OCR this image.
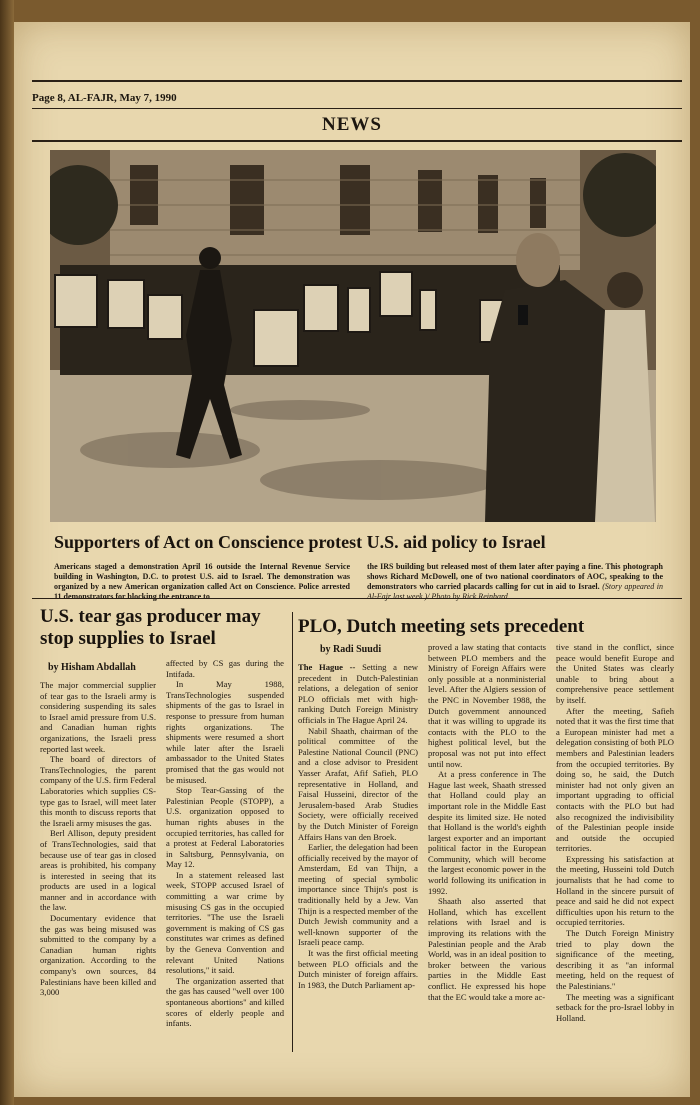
Page 8, AL-FAJR, May 7, 1990
NEWS
Supporters of Act on Conscience protest U.S. aid policy to Israel
Americans staged a demonstration April 16 outside the Internal Revenue Service building in Washington, D.C. to protest U.S. aid to Israel. The demonstration was organized by a new American organization called Act on Conscience. Police arrested 11 demonstrators for blocking the entrance to
the IRS building but released most of them later after paying a fine. This photograph shows Richard McDowell, one of two national coordinators of AOC, speaking to the demonstrators who carried placards calling for cut in aid to Israel. (Story appeared in Al-Fajr last week.)/ Photo by Rick Reinhard
U.S. tear gas producer may stop supplies to Israel
by Hisham Abdallah

The major commercial supplier of tear gas to the Israeli army is considering suspending its sales to Israel amid pressure from U.S. and Canadian human rights organizations, the Israeli press reported last week.

The board of directors of TransTechnologies, the parent company of the U.S. firm Federal Laboratories which supplies CS-type gas to Israel, will meet later this month to discuss reports that the Israeli army misuses the gas.

Berl Allison, deputy president of TransTechnologies, said that because use of tear gas in closed areas is prohibited, his company is interested in seeing that its products are used in a logical manner and in accordance with the law.

Documentary evidence that the gas was being misused was submitted to the company by a Canadian human rights organization. According to the company's own sources, 84 Palestinians have been killed and 3,000

affected by CS gas during the Intifada.

In May 1988, TransTechnologies suspended shipments of the gas to Israel in response to pressure from human rights organizations. The shipments were resumed a short while later after the Israeli ambassador to the United States promised that the gas would not be misused.

Stop Tear-Gassing of the Palestinian People (STOPP), a U.S. organization opposed to human rights abuses in the occupied territories, has called for a protest at Federal Laboratories in Saltsburg, Pennsylvania, on May 12.

In a statement released last week, STOPP accused Israel of committing a war crime by misusing CS gas in the occupied territories. "The use the Israeli government is making of CS gas constitutes war crimes as defined by the Geneva Convention and relevant United Nations resolutions," it said.

The organization asserted that the gas has caused "well over 100 spontaneous abortions" and killed scores of elderly people and infants.

PLO, Dutch meeting sets precedent
by Radi Suudi

The Hague -- Setting a new precedent in Dutch-Palestinian relations, a delegation of senior PLO officials met with high-ranking Dutch Foreign Ministry officials in The Hague April 24.

Nabil Shaath, chairman of the political committee of the Palestine National Council (PNC) and a close advisor to President Yasser Arafat, Afif Safieh, PLO representative in Holland, and Faisal Husseini, director of the Jerusalem-based Arab Studies Society, were officially received by the Dutch Minister of Foreign Affairs Hans van den Broek.

Earlier, the delegation had been officially received by the mayor of Amsterdam, Ed van Thijn, a meeting of special symbolic importance since Thijn's post is traditionally held by a Jew. Van Thijn is a respected member of the Dutch Jewish community and a well-known supporter of the Israeli peace camp.

It was the first official meeting between PLO officials and the Dutch minister of foreign affairs. In 1983, the Dutch Parliament ap-

proved a law stating that contacts between PLO members and the Ministry of Foreign Affairs were only possible at a nonministerial level. After the Algiers session of the PNC in November 1988, the Dutch government announced that it was willing to upgrade its contacts with the PLO to the highest political level, but the proposal was not put into effect until now.

At a press conference in The Hague last week, Shaath stressed that Holland could play an important role in the Middle East despite its limited size. He noted that Holland is the world's eighth largest exporter and an important political factor in the European Community, which will become the largest economic power in the world following its unification in 1992.

Shaath also asserted that Holland, which has excellent relations with Israel and is improving its relations with the Palestinian people and the Arab World, was in an ideal position to broker between the various parties in the Middle East conflict. He expressed his hope that the EC would take a more ac-

tive stand in the conflict, since peace would benefit Europe and the United States was clearly unable to bring about a comprehensive peace settlement by itself.

After the meeting, Safieh noted that it was the first time that a European minister had met a delegation consisting of both PLO members and Palestinian leaders from the occupied territories. By doing so, he said, the Dutch minister had not only given an important upgrading to official contacts with the PLO but had also recognized the indivisibility of the Palestinian people inside and outside the occupied territories.

Expressing his satisfaction at the meeting, Husseini told Dutch journalists that he had come to Holland in the sincere pursuit of peace and said he did not expect difficulties upon his return to the occupied territories.

The Dutch Foreign Ministry tried to play down the significance of the meeting, describing it as "an informal meeting, held on the request of the Palestinians."

The meeting was a significant setback for the pro-Israel lobby in Holland.
